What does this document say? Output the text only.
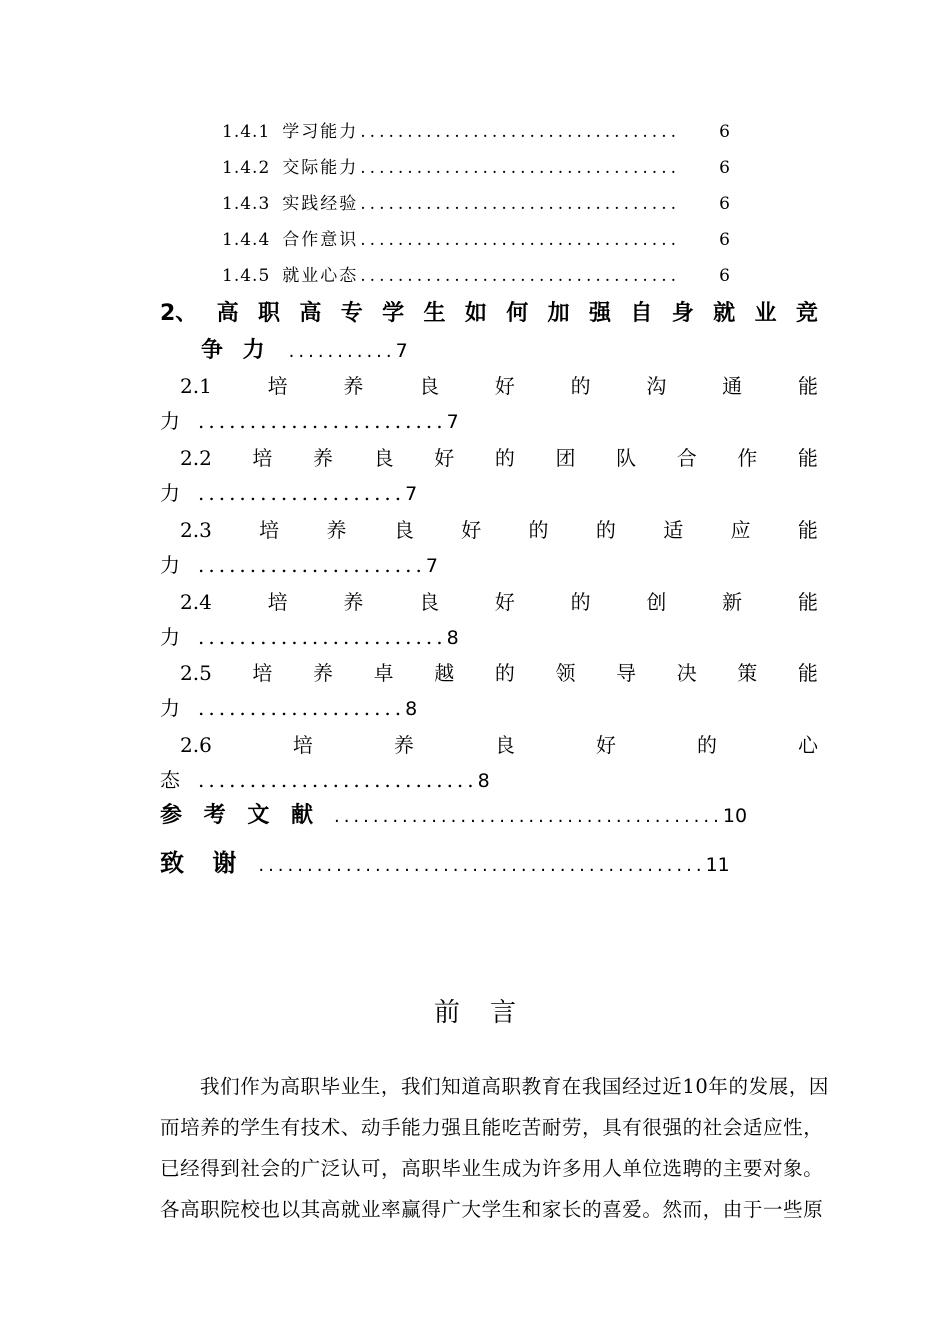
1.4.1 学习能力 ..................................	6
1.4.2 交际能力 ..................................	6
1.4.3 实践经验 ..................................	6
1.4.4 合作意识 ..................................	6
1.4.5 就业心态 ..................................	6
2、 高 职 高 专 学 生 如 何 加 强 自 身 就 业 竞
争 力 ........... 7
2.1	培	养	良	好	的	沟	通	能
力 ........................ 7
2.2 培 养 良 好 的 团 队 合 作 能
力 .................... 7
2.3 培 养 良 好 的 的 适 应 能
力 ...................... 7
2.4	培	养	良	好	的	创	新	能
力 ........................ 8
2.5 培 养 卓 越 的 领 导 决 策 能
力 .................... 8
2.6	培	养	良	好	的	心
态 ........................... 8
参 考 文 献 ........................................ 10
致 谢 .............................................. 11
前言
我们作为高职毕业生，我们知道高职教育在我国经过近10年的发展，因
而培养的学生有技术、动手能力强且能吃苦耐劳，具有很强的社会适应性，
已经得到社会的广泛认可，高职毕业生成为许多用人单位选聘的主要对象。
各高职院校也以其高就业率赢得广大学生和家长的喜爱。然而，由于一些原
